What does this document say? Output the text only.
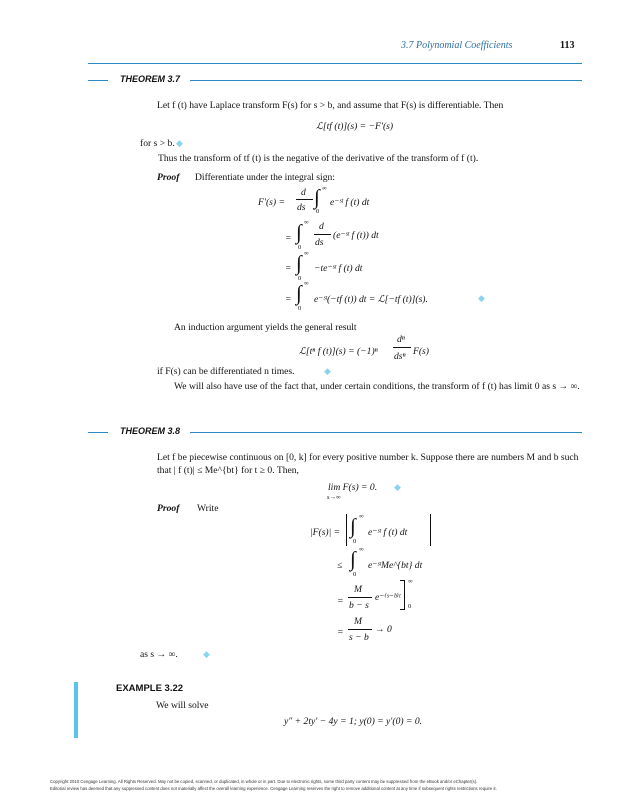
3.7 Polynomial Coefficients	113
THEOREM 3.7
Let f (t) have Laplace transform F(s) for s > b, and assume that F(s) is differentiable. Then
ℒ[tf (t)](s) = −F′(s)
for s > b. ◆
Thus the transform of tf (t) is the negative of the derivative of the transform of f (t).
Proof Differentiate under the integral sign:
F′(s) =
d
ds ∫ ∞
0
e⁻ˢᵗ f (t) dt
= ∫ ∞
0
d
ds
(e⁻ˢᵗ f (t)) dt
= ∫ ∞
0
−te⁻ˢᵗ f (t) dt
= ∫ ∞
0
e⁻ˢᵗ(−tf (t)) dt = ℒ[−tf (t)](s).	◆
An induction argument yields the general result
ℒ[tⁿ f (t)](s) = (−1)ⁿ
dⁿ
dsⁿ F(s)
if F(s) can be differentiated n times.	◆
We will also have use of the fact that, under certain conditions, the transform of f (t) has limit 0 as s → ∞.
THEOREM 3.8
Let f be piecewise continuous on [0, k] for every positive number k. Suppose there are numbers M and b such that | f (t)| ≤ Me^{bt} for t ≥ 0. Then,
lim F(s) = 0.
s→∞
◆
Proof Write
|F(s)| = ∫ ∞
0
e⁻ˢᵗ f (t) dt
≤ ∫ ∞
0
e⁻ˢᵗMe^{bt} dt
=
M
b − s
e⁻⁽ˢ⁻ᵇ⁾ᵗ
∞
0
=
M
s − b
→ 0
as s → ∞.	◆
EXAMPLE 3.22
We will solve
y″ + 2ty′ − 4y = 1; y(0) = y′(0) = 0.
Copyright 2010 Cengage Learning. All Rights Reserved. May not be copied, scanned, or duplicated, in whole or in part. Due to electronic rights, some third party content may be suppressed from the eBook and/or eChapter(s).
Editorial review has deemed that any suppressed content does not materially affect the overall learning experience. Cengage Learning reserves the right to remove additional content at any time if subsequent rights restrictions require it.
